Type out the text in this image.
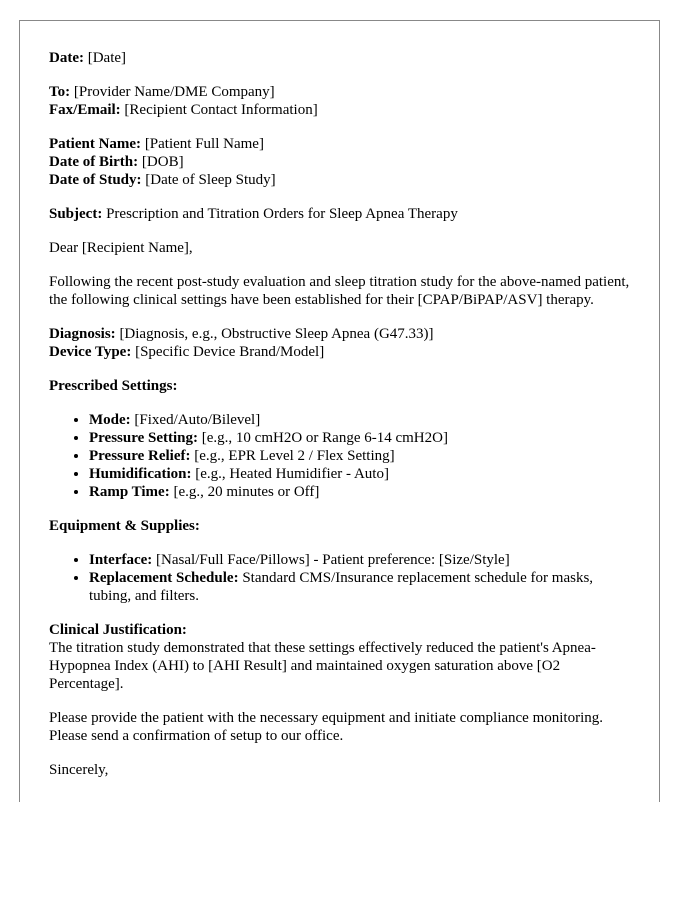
Date: [Date]

To: [Provider Name/DME Company]
Fax/Email: [Recipient Contact Information]

Patient Name: [Patient Full Name]
Date of Birth: [DOB]
Date of Study: [Date of Sleep Study]

Subject: Prescription and Titration Orders for Sleep Apnea Therapy

Dear [Recipient Name],

Following the recent post-study evaluation and sleep titration study for the above-named patient, the following clinical settings have been established for their [CPAP/BiPAP/ASV] therapy.

Diagnosis: [Diagnosis, e.g., Obstructive Sleep Apnea (G47.33)]
Device Type: [Specific Device Brand/Model]

Prescribed Settings:

• Mode: [Fixed/Auto/Bilevel]
• Pressure Setting: [e.g., 10 cmH2O or Range 6-14 cmH2O]
• Pressure Relief: [e.g., EPR Level 2 / Flex Setting]
• Humidification: [e.g., Heated Humidifier - Auto]
• Ramp Time: [e.g., 20 minutes or Off]

Equipment & Supplies:

• Interface: [Nasal/Full Face/Pillows] - Patient preference: [Size/Style]
• Replacement Schedule: Standard CMS/Insurance replacement schedule for masks, tubing, and filters.

Clinical Justification:
The titration study demonstrated that these settings effectively reduced the patient's Apnea-Hypopnea Index (AHI) to [AHI Result] and maintained oxygen saturation above [O2 Percentage].

Please provide the patient with the necessary equipment and initiate compliance monitoring. Please send a confirmation of setup to our office.

Sincerely,
